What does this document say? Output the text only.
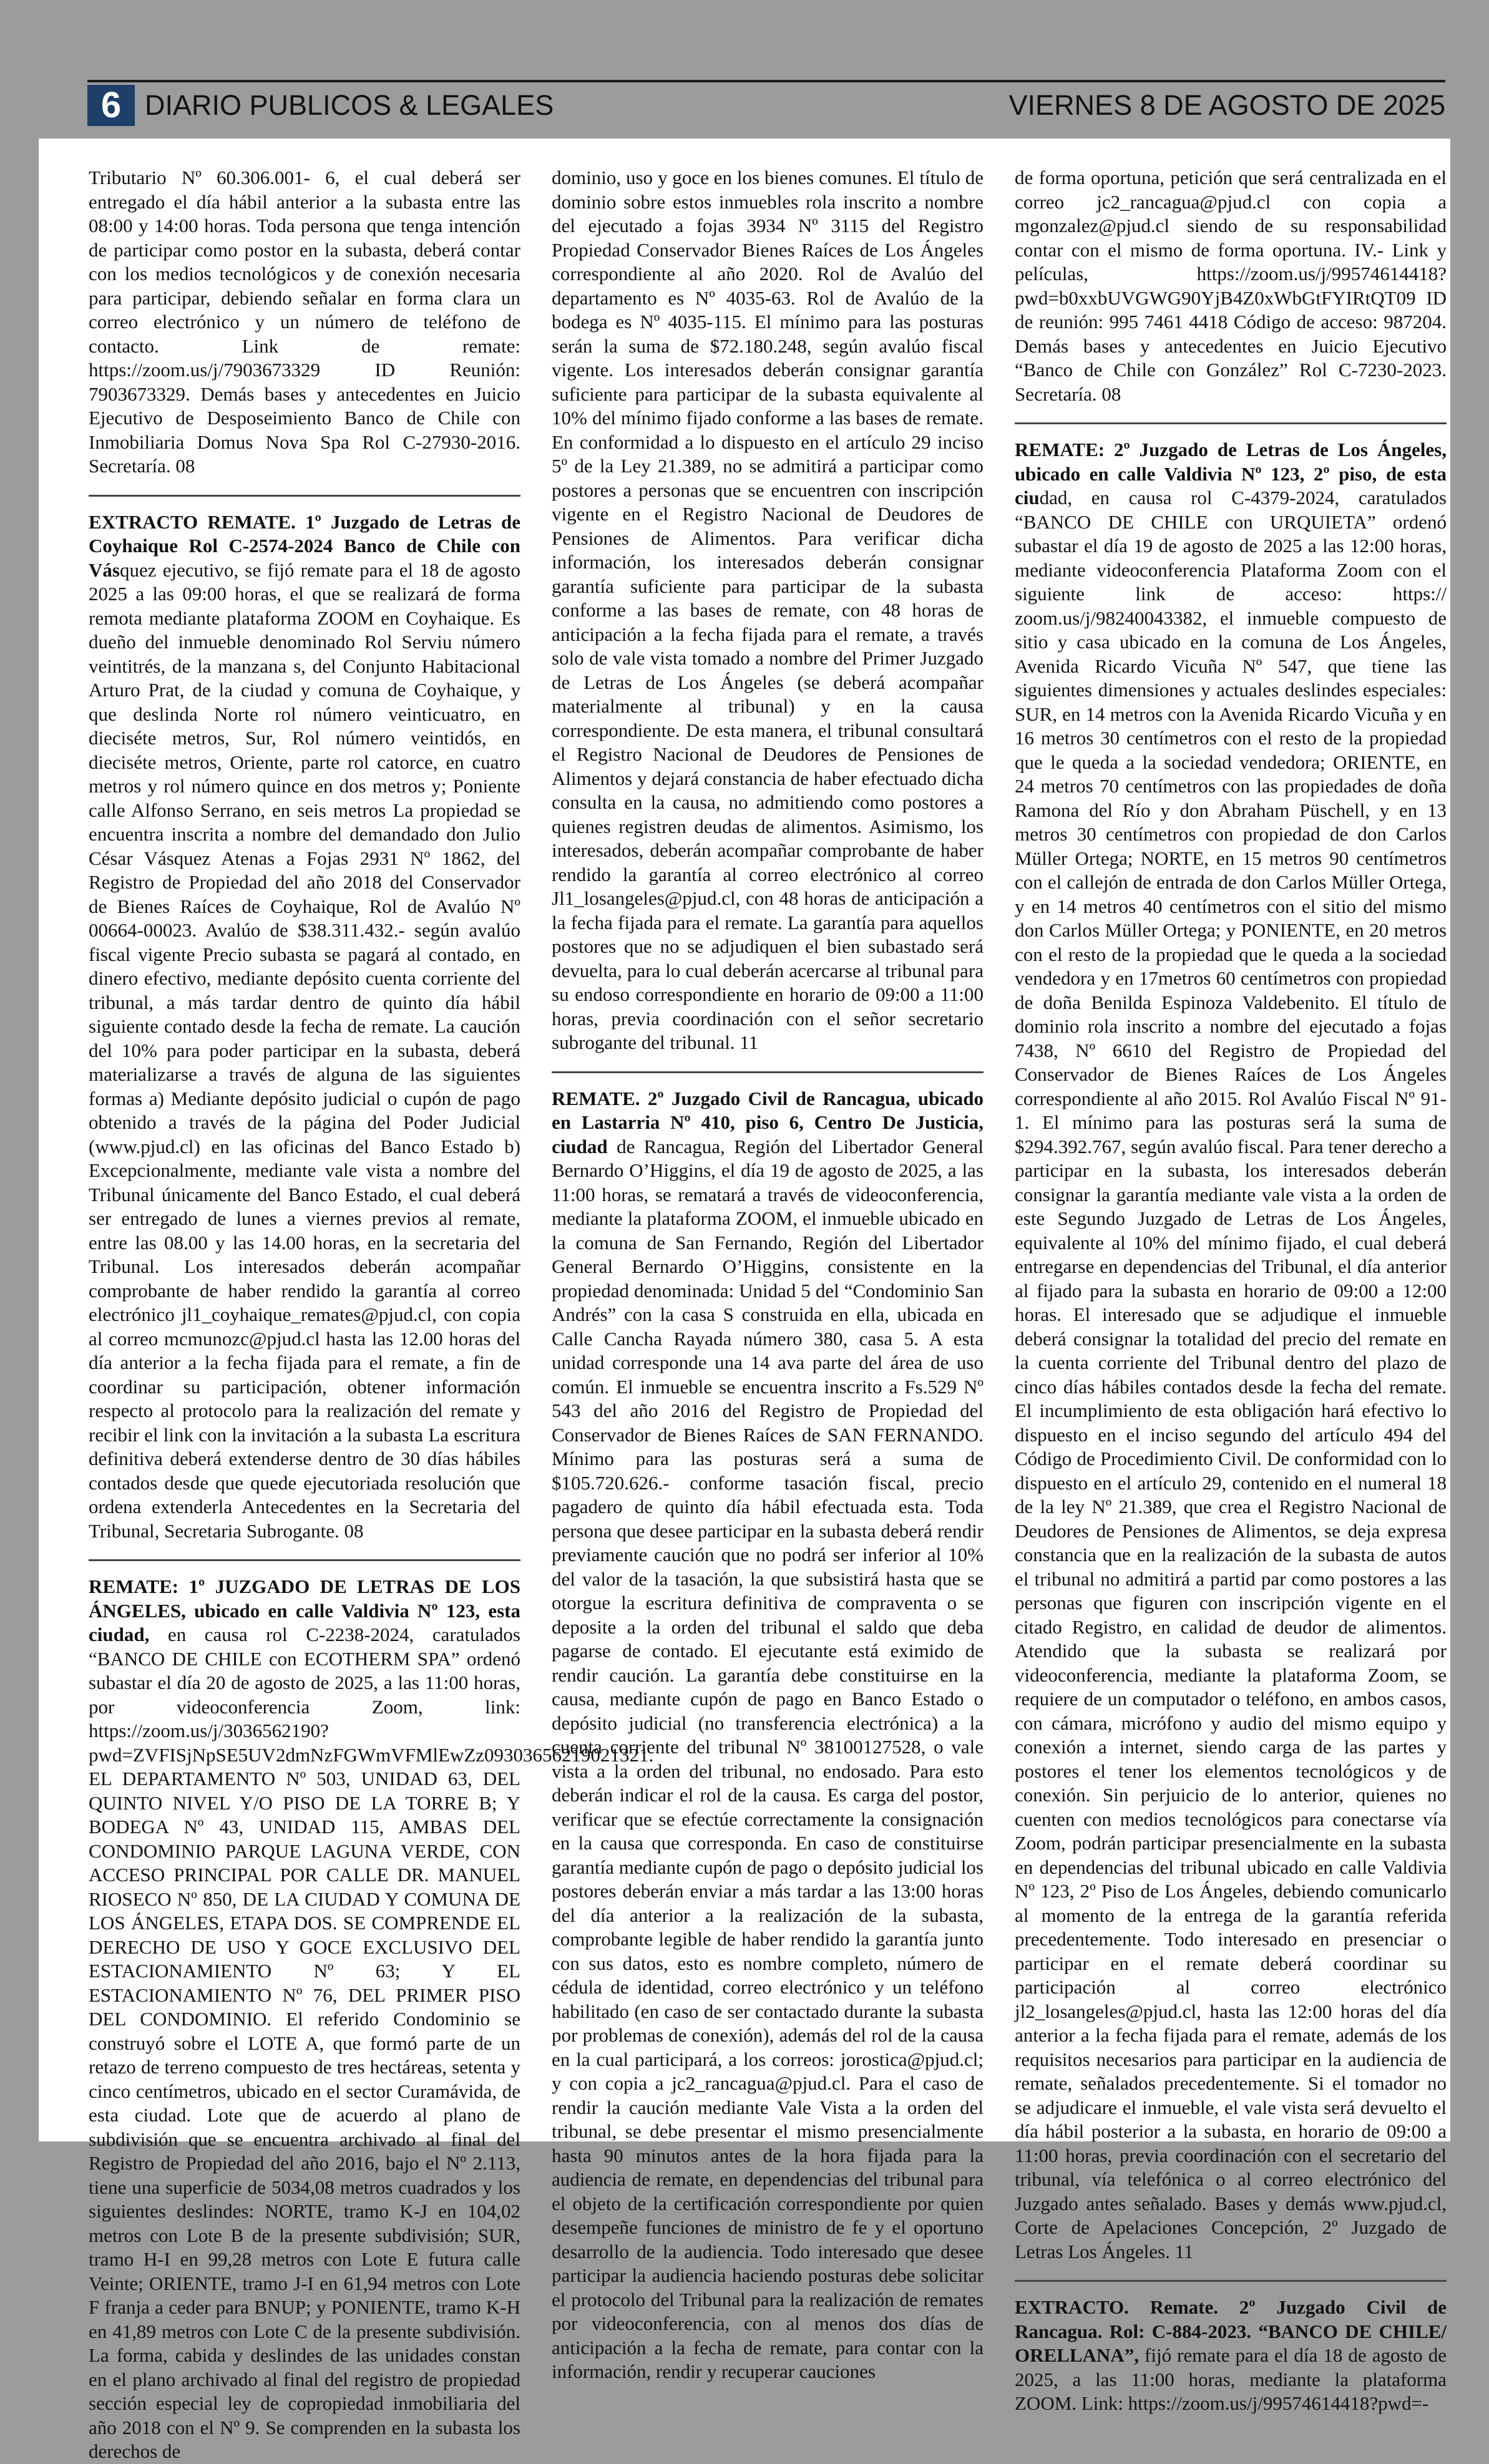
6 DIARIO PUBLICOS & LEGALES	VIERNES 8 DE AGOSTO DE 2025

Tributario Nº 60.306.001- 6, el cual deberá ser entregado el día hábil anterior a la subasta entre las 08:00 y 14:00 horas. Toda persona que tenga intención de participar como postor en la subasta, deberá contar con los medios tecnológicos y de conexión necesaria para participar, debiendo señalar en forma clara un correo electrónico y un número de teléfono de contacto. Link de remate: https://zoom.us/j/7903673329 ID Reunión: 7903673329. Demás bases y antecedentes en Juicio Ejecutivo de Desposeimiento Banco de Chile con Inmobiliaria Domus Nova Spa Rol C-27930-2016. Secretaría. 08

EXTRACTO REMATE. 1º Juzgado de Letras de Coyhaique Rol C-2574-2024 Banco de Chile con Vásquez ejecutivo, se fijó remate para el 18 de agosto 2025 a las 09:00 horas, el que se realizará de forma remota mediante plataforma ZOOM en Coyhaique. Es dueño del inmueble denominado Rol Serviu número veintitrés, de la manzana s, del Conjunto Habitacional Arturo Prat, de la ciudad y comuna de Coyhaique, y que deslinda Norte rol número veinticuatro, en dieciséte metros, Sur, Rol número veintidós, en dieciséte metros, Oriente, parte rol catorce, en cuatro metros y rol número quince en dos metros y; Poniente calle Alfonso Serrano, en seis metros La propiedad se encuentra inscrita a nombre del demandado don Julio César Vásquez Atenas a Fojas 2931 Nº 1862, del Registro de Propiedad del año 2018 del Conservador de Bienes Raíces de Coyhaique, Rol de Avalúo Nº 00664-00023. Avalúo de $38.311.432.- según avalúo fiscal vigente Precio subasta se pagará al contado, en dinero efectivo, mediante depósito cuenta corriente del tribunal, a más tardar dentro de quinto día hábil siguiente contado desde la fecha de remate. La caución del 10% para poder participar en la subasta, deberá materializarse a través de alguna de las siguientes formas a) Mediante depósito judicial o cupón de pago obtenido a través de la página del Poder Judicial (www.pjud.cl) en las oficinas del Banco Estado b) Excepcionalmente, mediante vale vista a nombre del Tribunal únicamente del Banco Estado, el cual deberá ser entregado de lunes a viernes previos al remate, entre las 08.00 y las 14.00 horas, en la secretaria del Tribunal. Los interesados deberán acompañar comprobante de haber rendido la garantía al correo electrónico jl1_coyhaique_remates@pjud.cl, con copia al correo mcmunozc@pjud.cl hasta las 12.00 horas del día anterior a la fecha fijada para el remate, a fin de coordinar su participación, obtener información respecto al protocolo para la realización del remate y recibir el link con la invitación a la subasta La escritura definitiva deberá extenderse dentro de 30 días hábiles contados desde que quede ejecutoriada resolución que ordena extenderla Antecedentes en la Secretaria del Tribunal, Secretaria Subrogante. 08

REMATE: 1º JUZGADO DE LETRAS DE LOS ÁNGELES, ubicado en calle Valdivia Nº 123, esta ciudad, en causa rol C-2238-2024, caratulados “BANCO DE CHILE con ECOTHERM SPA” ordenó subastar el día 20 de agosto de 2025, a las 11:00 horas, por videoconferencia Zoom, link: https://zoom.us/j/3036562190?pwd=ZVFISjNpSE5UV2dmNzFGWmVFMlEwZz09303656219021321. EL DEPARTAMENTO Nº 503, UNIDAD 63, DEL QUINTO NIVEL Y/O PISO DE LA TORRE B; Y BODEGA Nº 43, UNIDAD 115, AMBAS DEL CONDOMINIO PARQUE LAGUNA VERDE, CON ACCESO PRINCIPAL POR CALLE DR. MANUEL RIOSECO Nº 850, DE LA CIUDAD Y COMUNA DE LOS ÁNGELES, ETAPA DOS. SE COMPRENDE EL DERECHO DE USO Y GOCE EXCLUSIVO DEL ESTACIONAMIENTO Nº 63; Y EL ESTACIONAMIENTO Nº 76, DEL PRIMER PISO DEL CONDOMINIO. El referido Condominio se construyó sobre el LOTE A, que formó parte de un retazo de terreno compuesto de tres hectáreas, setenta y cinco centímetros, ubicado en el sector Curamávida, de esta ciudad. Lote que de acuerdo al plano de subdivisión que se encuentra archivado al final del Registro de Propiedad del año 2016, bajo el Nº 2.113, tiene una superficie de 5034,08 metros cuadrados y los siguientes deslindes: NORTE, tramo K-J en 104,02 metros con Lote B de la presente subdivisión; SUR, tramo H-I en 99,28 metros con Lote E futura calle Veinte; ORIENTE, tramo J-I en 61,94 metros con Lote F franja a ceder para BNUP; y PONIENTE, tramo K-H en 41,89 metros con Lote C de la presente subdivisión. La forma, cabida y deslindes de las unidades constan en el plano archivado al final del registro de propiedad sección especial ley de copropiedad inmobiliaria del año 2018 con el Nº 9. Se comprenden en la subasta los derechos de

dominio, uso y goce en los bienes comunes. El título de dominio sobre estos inmuebles rola inscrito a nombre del ejecutado a fojas 3934 Nº 3115 del Registro Propiedad Conservador Bienes Raíces de Los Ángeles correspondiente al año 2020. Rol de Avalúo del departamento es Nº 4035-63. Rol de Avalúo de la bodega es Nº 4035-115. El mínimo para las posturas serán la suma de $72.180.248, según avalúo fiscal vigente. Los interesados deberán consignar garantía suficiente para participar de la subasta equivalente al 10% del mínimo fijado conforme a las bases de remate. En conformidad a lo dispuesto en el artículo 29 inciso 5º de la Ley 21.389, no se admitirá a participar como postores a personas que se encuentren con inscripción vigente en el Registro Nacional de Deudores de Pensiones de Alimentos. Para verificar dicha información, los interesados deberán consignar garantía suficiente para participar de la subasta conforme a las bases de remate, con 48 horas de anticipación a la fecha fijada para el remate, a través solo de vale vista tomado a nombre del Primer Juzgado de Letras de Los Ángeles (se deberá acompañar materialmente al tribunal) y en la causa correspondiente. De esta manera, el tribunal consultará el Registro Nacional de Deudores de Pensiones de Alimentos y dejará constancia de haber efectuado dicha consulta en la causa, no admitiendo como postores a quienes registren deudas de alimentos. Asimismo, los interesados, deberán acompañar comprobante de haber rendido la garantía al correo electrónico al correo Jl1_losangeles@pjud.cl, con 48 horas de anticipación a la fecha fijada para el remate. La garantía para aquellos postores que no se adjudiquen el bien subastado será devuelta, para lo cual deberán acercarse al tribunal para su endoso correspondiente en horario de 09:00 a 11:00 horas, previa coordinación con el señor secretario subrogante del tribunal. 11

REMATE. 2º Juzgado Civil de Rancagua, ubicado en Lastarria Nº 410, piso 6, Centro De Justicia, ciudad de Rancagua, Región del Libertador General Bernardo O’Higgins, el día 19 de agosto de 2025, a las 11:00 horas, se rematará a través de videoconferencia, mediante la plataforma ZOOM, el inmueble ubicado en la comuna de San Fernando, Región del Libertador General Bernardo O’Higgins, consistente en la propiedad denominada: Unidad 5 del “Condominio San Andrés” con la casa S construida en ella, ubicada en Calle Cancha Rayada número 380, casa 5. A esta unidad corresponde una 14 ava parte del área de uso común. El inmueble se encuentra inscrito a Fs.529 Nº 543 del año 2016 del Registro de Propiedad del Conservador de Bienes Raíces de SAN FERNANDO. Mínimo para las posturas será a suma de $105.720.626.- conforme tasación fiscal, precio pagadero de quinto día hábil efectuada esta. Toda persona que desee participar en la subasta deberá rendir previamente caución que no podrá ser inferior al 10% del valor de la tasación, la que subsistirá hasta que se otorgue la escritura definitiva de compraventa o se deposite a la orden del tribunal el saldo que deba pagarse de contado. El ejecutante está eximido de rendir caución. La garantía debe constituirse en la causa, mediante cupón de pago en Banco Estado o depósito judicial (no transferencia electrónica) a la cuenta corriente del tribunal Nº 38100127528, o vale vista a la orden del tribunal, no endosado. Para esto deberán indicar el rol de la causa. Es carga del postor, verificar que se efectúe correctamente la consignación en la causa que corresponda. En caso de constituirse garantía mediante cupón de pago o depósito judicial los postores deberán enviar a más tardar a las 13:00 horas del día anterior a la realización de la subasta, comprobante legible de haber rendido la garantía junto con sus datos, esto es nombre completo, número de cédula de identidad, correo electrónico y un teléfono habilitado (en caso de ser contactado durante la subasta por problemas de conexión), además del rol de la causa en la cual participará, a los correos: jorostica@pjud.cl; y con copia a jc2_rancagua@pjud.cl. Para el caso de rendir la caución mediante Vale Vista a la orden del tribunal, se debe presentar el mismo presencialmente hasta 90 minutos antes de la hora fijada para la audiencia de remate, en dependencias del tribunal para el objeto de la certificación correspondiente por quien desempeñe funciones de ministro de fe y el oportuno desarrollo de la audiencia. Todo interesado que desee participar la audiencia haciendo posturas debe solicitar el protocolo del Tribunal para la realización de remates por videoconferencia, con al menos dos días de anticipación a la fecha de remate, para contar con la información, rendir y recuperar cauciones

de forma oportuna, petición que será centralizada en el correo jc2_rancagua@pjud.cl con copia a mgonzalez@pjud.cl siendo de su responsabilidad contar con el mismo de forma oportuna. IV.- Link y películas, https://zoom.us/j/99574614418?pwd=b0xxbUVGWG90YjB4Z0xWbGtFYIRtQT09 ID de reunión: 995 7461 4418 Código de acceso: 987204. Demás bases y antecedentes en Juicio Ejecutivo “Banco de Chile con González” Rol C-7230-2023. Secretaría. 08

REMATE: 2º Juzgado de Letras de Los Ángeles, ubicado en calle Valdivia Nº 123, 2º piso, de esta ciudad, en causa rol C-4379-2024, caratulados “BANCO DE CHILE con URQUIETA” ordenó subastar el día 19 de agosto de 2025 a las 12:00 horas, mediante videoconferencia Plataforma Zoom con el siguiente link de acceso: https:// zoom.us/j/98240043382, el inmueble compuesto de sitio y casa ubicado en la comuna de Los Ángeles, Avenida Ricardo Vicuña Nº 547, que tiene las siguientes dimensiones y actuales deslindes especiales: SUR, en 14 metros con la Avenida Ricardo Vicuña y en 16 metros 30 centímetros con el resto de la propiedad que le queda a la sociedad vendedora; ORIENTE, en 24 metros 70 centímetros con las propiedades de doña Ramona del Río y don Abraham Püschell, y en 13 metros 30 centímetros con propiedad de don Carlos Müller Ortega; NORTE, en 15 metros 90 centímetros con el callejón de entrada de don Carlos Müller Ortega, y en 14 metros 40 centímetros con el sitio del mismo don Carlos Müller Ortega; y PONIENTE, en 20 metros con el resto de la propiedad que le queda a la sociedad vendedora y en 17metros 60 centímetros con propiedad de doña Benilda Espinoza Valdebenito. El título de dominio rola inscrito a nombre del ejecutado a fojas 7438, Nº 6610 del Registro de Propiedad del Conservador de Bienes Raíces de Los Ángeles correspondiente al año 2015. Rol Avalúo Fiscal Nº 91-1. El mínimo para las posturas será la suma de $294.392.767, según avalúo fiscal. Para tener derecho a participar en la subasta, los interesados deberán consignar la garantía mediante vale vista a la orden de este Segundo Juzgado de Letras de Los Ángeles, equivalente al 10% del mínimo fijado, el cual deberá entregarse en dependencias del Tribunal, el día anterior al fijado para la subasta en horario de 09:00 a 12:00 horas. El interesado que se adjudique el inmueble deberá consignar la totalidad del precio del remate en la cuenta corriente del Tribunal dentro del plazo de cinco días hábiles contados desde la fecha del remate. El incumplimiento de esta obligación hará efectivo lo dispuesto en el inciso segundo del artículo 494 del Código de Procedimiento Civil. De conformidad con lo dispuesto en el artículo 29, contenido en el numeral 18 de la ley Nº 21.389, que crea el Registro Nacional de Deudores de Pensiones de Alimentos, se deja expresa constancia que en la realización de la subasta de autos el tribunal no admitirá a partid par como postores a las personas que figuren con inscripción vigente en el citado Registro, en calidad de deudor de alimentos. Atendido que la subasta se realizará por videoconferencia, mediante la plataforma Zoom, se requiere de un computador o teléfono, en ambos casos, con cámara, micrófono y audio del mismo equipo y conexión a internet, siendo carga de las partes y postores el tener los elementos tecnológicos y de conexión. Sin perjuicio de lo anterior, quienes no cuenten con medios tecnológicos para conectarse vía Zoom, podrán participar presencialmente en la subasta en dependencias del tribunal ubicado en calle Valdivia Nº 123, 2º Piso de Los Ángeles, debiendo comunicarlo al momento de la entrega de la garantía referida precedentemente. Todo interesado en presenciar o participar en el remate deberá coordinar su participación al correo electrónico jl2_losangeles@pjud.cl, hasta las 12:00 horas del día anterior a la fecha fijada para el remate, además de los requisitos necesarios para participar en la audiencia de remate, señalados precedentemente. Si el tomador no se adjudicare el inmueble, el vale vista será devuelto el día hábil posterior a la subasta, en horario de 09:00 a 11:00 horas, previa coordinación con el secretario del tribunal, vía telefónica o al correo electrónico del Juzgado antes señalado. Bases y demás www.pjud.cl, Corte de Apelaciones Concepción, 2º Juzgado de Letras Los Ángeles. 11

EXTRACTO. Remate. 2º Juzgado Civil de Rancagua. Rol: C-884-2023. “BANCO DE CHILE/ ORELLANA”, fijó remate para el día 18 de agosto de 2025, a las 11:00 horas, mediante la plataforma ZOOM. Link: https://zoom.us/j/99574614418?pwd=-
